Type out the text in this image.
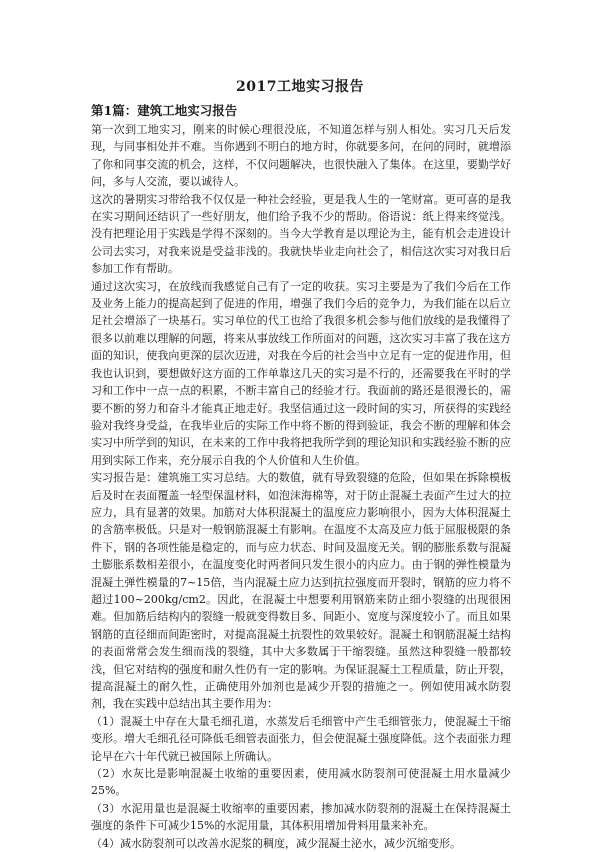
2017工地实习报告
第1篇：建筑工地实习报告

第一次到工地实习，刚来的时候心理很没底，不知道怎样与别人相处。实习几天后发现，与同事相处并不难。当你遇到不明白的地方时，你就要多问，在问的同时，就增添了你和同事交流的机会，这样，不仅问题解决，也很快融入了集体。在这里，要勤学好问，多与人交流，要以诚待人。

这次的暑期实习带给我不仅仅是一种社会经验，更是我人生的一笔财富。更可喜的是我在实习期间还结识了一些好朋友，他们给予我不少的帮助。俗语说：纸上得来终觉浅。没有把理论用于实践是学得不深刻的。当今大学教育是以理论为主，能有机会走进设计公司去实习，对我来说是受益非浅的。我就快毕业走向社会了，相信这次实习对我日后参加工作有帮助。

通过这次实习，在放线而我感觉自己有了一定的收获。实习主要是为了我们今后在工作及业务上能力的提高起到了促进的作用，增强了我们今后的竞争力，为我们能在以后立足社会增添了一块基石。实习单位的代工也给了我很多机会参与他们放线的是我懂得了很多以前难以理解的问题，将来从事放线工作所面对的问题，这次实习丰富了我在这方面的知识，使我向更深的层次迈进，对我在今后的社会当中立足有一定的促进作用，但我也认识到，要想做好这方面的工作单靠这几天的实习是不行的，还需要我在平时的学习和工作中一点一点的积累，不断丰富自己的经验才行。我面前的路还是很漫长的，需要不断的努力和奋斗才能真正地走好。我坚信通过这一段时间的实习，所获得的实践经验对我终身受益，在我毕业后的实际工作中将不断的得到验证，我会不断的理解和体会实习中所学到的知识，在未来的工作中我将把我所学到的理论知识和实践经验不断的应用到实际工作来，充分展示自我的个人价值和人生价值。

实习报告是：建筑施工实习总结。大的数值，就有导致裂缝的危险，但如果在拆除模板后及时在表面覆盖一轻型保温材料，如泡沫海棉等，对于防止混凝土表面产生过大的拉应力，具有显著的效果。加筋对大体积混凝土的温度应力影响很小，因为大体积混凝土的含筋率极低。只是对一般钢筋混凝土有影响。在温度不太高及应力低于屈服极限的条件下，钢的各项性能是稳定的，而与应力状态、时间及温度无关。钢的膨胀系数与混凝土膨胀系数相差很小，在温度变化时两者间只发生很小的内应力。由于钢的弹性模量为混凝土弹性模量的7~15倍，当内混凝土应力达到抗拉强度而开裂时，钢筋的应力将不超过100~200kg/cm2。因此，在混凝土中想要利用钢筋来防止细小裂缝的出现很困难。但加筋后结构内的裂缝一般就变得数目多、间距小、宽度与深度较小了。而且如果钢筋的直径细而间距密时，对提高混凝土抗裂性的效果较好。混凝土和钢筋混凝土结构的表面常常会发生细而浅的裂缝，其中大多数属于干缩裂缝。虽然这种裂缝一般都较浅，但它对结构的强度和耐久性仍有一定的影响。为保证混凝土工程质量，防止开裂，提高混凝土的耐久性，正确使用外加剂也是减少开裂的措施之一。例如使用减水防裂剂，我在实践中总结出其主要作用为：

（1）混凝土中存在大量毛细孔道，水蒸发后毛细管中产生毛细管张力，使混凝土干缩变形。增大毛细孔径可降低毛细管表面张力，但会使混凝土强度降低。这个表面张力理论早在六十年代就已被国际上所确认。

（2）水灰比是影响混凝土收缩的重要因素，使用减水防裂剂可使混凝土用水量减少25%。

（3）水泥用量也是混凝土收缩率的重要因素，掺加减水防裂剂的混凝土在保持混凝土强度的条件下可减少15%的水泥用量，其体积用增加骨料用量来补充。

（4）减水防裂剂可以改善水泥浆的稠度，减少混凝土泌水，减少沉缩变形。
